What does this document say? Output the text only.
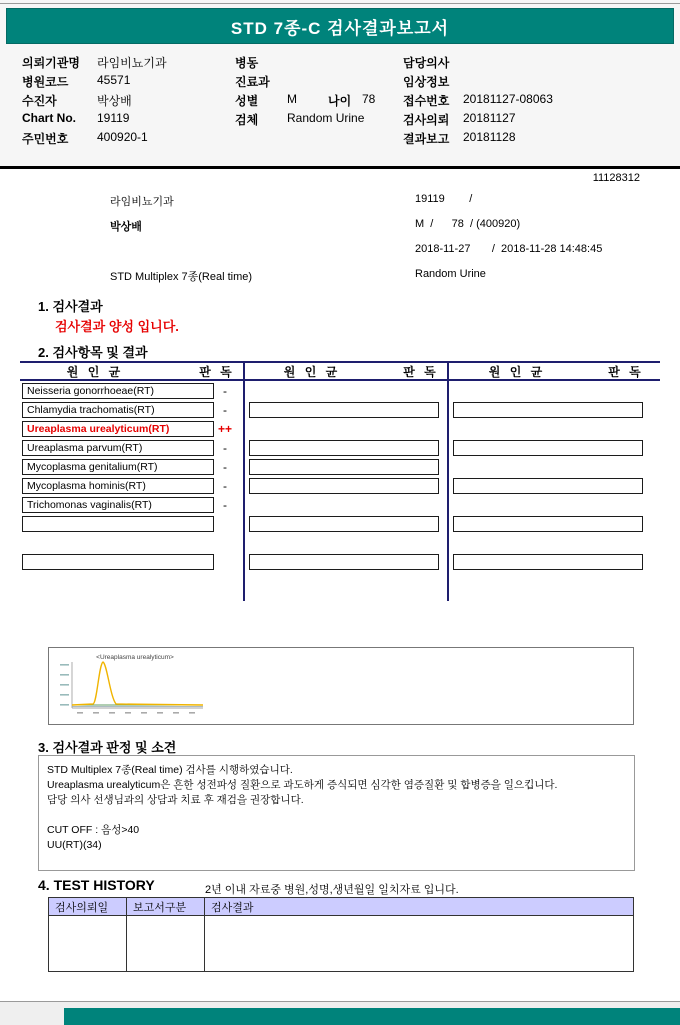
STD 7종-C 검사결과보고서
의뢰기관명 라임비뇨기과
병원코드 45571
수진자	박상배
Chart No. 19119
주민번호 400920-1
병동
진료과
성별 M	나이 78
검체 Random Urine
담당의사
임상정보
접수번호 20181127-08063
검사의뢰 20181127
결과보고 20181128
11128312
라임비뇨기과	19119        /
박상배	M  /      78  / (400920)
2018-11-27       /  2018-11-28 14:48:45
STD Multiplex 7종(Real time)	Random Urine
1. 검사결과
검사결과 양성 입니다.
2. 검사항목 및 결과
원 인 균	판 독	원 인 균	판 독	원 인 균	판 독
Neisseria gonorrhoeae(RT)	-
Chlamydia trachomatis(RT)	-
Ureaplasma urealyticum(RT)	++
Ureaplasma parvum(RT)	-
Mycoplasma genitalium(RT)	-
Mycoplasma hominis(RT)	-
Trichomonas vaginalis(RT)	-
<Ureaplasma urealyticum>
3. 검사결과 판정 및 소견
STD Multiplex 7종(Real time) 검사를 시행하였습니다.
Ureaplasma urealyticum은 흔한 성전파성 질환으로 과도하게 증식되면 심각한 염증질환 및 합병증을 일으킵니다.
담당 의사 선생님과의 상담과 치료 후 재검을 권장합니다.
CUT OFF : 음성>40
UU(RT)(34)
4. TEST HISTORY	2년 이내 자료중 병원,성명,생년월일 일치자료 입니다.
검사의뢰일	보고서구분	검사결과
